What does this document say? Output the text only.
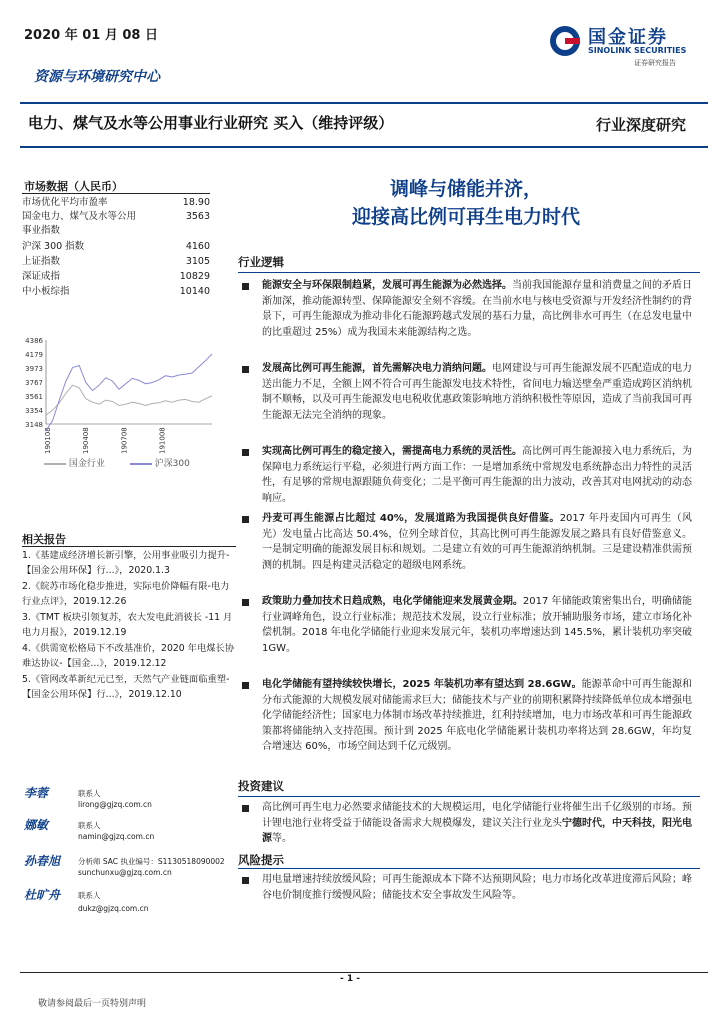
2020 年 01 月 08 日	国金证券
SINOLINK SECURITIES
证券研究报告
资源与环境研究中心
电力、煤气及水等公用事业行业研究 买入（维持评级）	行业深度研究
市场数据（人民币）
市场优化平均市盈率	18.90
国金电力、煤气及水等公用	3563
事业指数
沪深 300 指数	4160
上证指数	3105
深证成指	10829
中小板综指	10140
4386
4179
3973
3767
3561
3354
3148
190108	190408	190708	191008
国金行业	沪深300
相关报告
1.《基建成经济增长新引擎，公用事业吸引力提升-【国金公用环保】行...》，2020.1.3
2.《皖苏市场化稳步推进，实际电价降幅有限-电力行业点评》，2019.12.26
3.《TMT 板块引领复苏，农大发电此消彼长 -11 月电力月报》，2019.12.19
4.《供需宽松格局下不改基准价，2020 年电煤长协难达协议-【国金...》，2019.12.12
5.《管网改革新纪元已至，天然气产业链面临重塑-【国金公用环保】行...》，2019.12.10
李蓉	联系人
lirong@gjzq.com.cn
娜敏	联系人
namin@gjzq.com.cn
孙春旭	分析师 SAC 执业编号：S1130518090002
sunchunxu@gjzq.com.cn
杜旷舟	联系人
dukz@gjzq.com.cn
调峰与储能并济，
迎接高比例可再生电力时代
行业逻辑
能源安全与环保限制趋紧，发展可再生能源为必然选择。当前我国能源存量和消费量之间的矛盾日渐加深，推动能源转型、保障能源安全刻不容缓。在当前水电与核电受资源与开发经济性制约的背景下，可再生能源成为推动非化石能源跨越式发展的基石力量，高比例非水可再生（在总发电量中的比重超过 25%）成为我国未来能源结构之选。
发展高比例可再生能源，首先需解决电力消纳问题。电网建设与可再生能源发展不匹配造成的电力送出能力不足，全额上网不符合可再生能源发电技术特性，省间电力输送壁垒严重造成跨区消纳机制不顺畅，以及可再生能源发电电税收优惠政策影响地方消纳积极性等原因，造成了当前我国可再生能源无法完全消纳的现象。
实现高比例可再生的稳定接入，需提高电力系统的灵活性。高比例可再生能源接入电力系统后，为保障电力系统运行平稳，必须进行两方面工作：一是增加系统中常规发电系统静态出力特性的灵活性，有足够的常规电源跟随负荷变化；二是平衡可再生能源的出力波动，改善其对电网扰动的动态响应。
丹麦可再生能源占比超过 40%，发展道路为我国提供良好借鉴。2017 年丹麦国内可再生（风光）发电量占比高达 50.4%，位列全球首位，其高比例可再生能源发展之路具有良好借鉴意义。一是制定明确的能源发展目标和规划。二是建立有效的可再生能源消纳机制。三是建设精准供需预测的机制。四是构建灵活稳定的超级电网系统。
政策助力叠加技术日趋成熟，电化学储能迎来发展黄金期。2017 年储能政策密集出台，明确储能行业调峰角色，设立行业标准；规范技术发展，设立行业标准；放开辅助服务市场，建立市场化补偿机制。2018 年电化学储能行业迎来发展元年，装机功率增速达到 145.5%，累计装机功率突破 1GW。
电化学储能有望持续较快增长，2025 年装机功率有望达到 28.6GW。能源革命中可再生能源和分布式能源的大规模发展对储能需求巨大；储能技术与产业的前期积累降持续降低单位成本增强电化学储能经济性；国家电力体制市场改革持续推进，红利持续增加，电力市场改革和可再生能源政策都将储能纳入支持范围。预计到 2025 年底电化学储能累计装机功率将达到 28.6GW，年均复合增速达 60%，市场空间达到千亿元级别。
投资建议
高比例可再生电力必然要求储能技术的大规模运用，电化学储能行业将催生出千亿级别的市场。预计锂电池行业将受益于储能设备需求大规模爆发，建议关注行业龙头宁德时代，中天科技，阳光电源等。
风险提示
用电量增速持续放缓风险；可再生能源成本下降不达预期风险；电力市场化改革进度滞后风险；峰谷电价制度推行缓慢风险；储能技术安全事故发生风险等。
- 1 -
敬请参阅最后一页特别声明
